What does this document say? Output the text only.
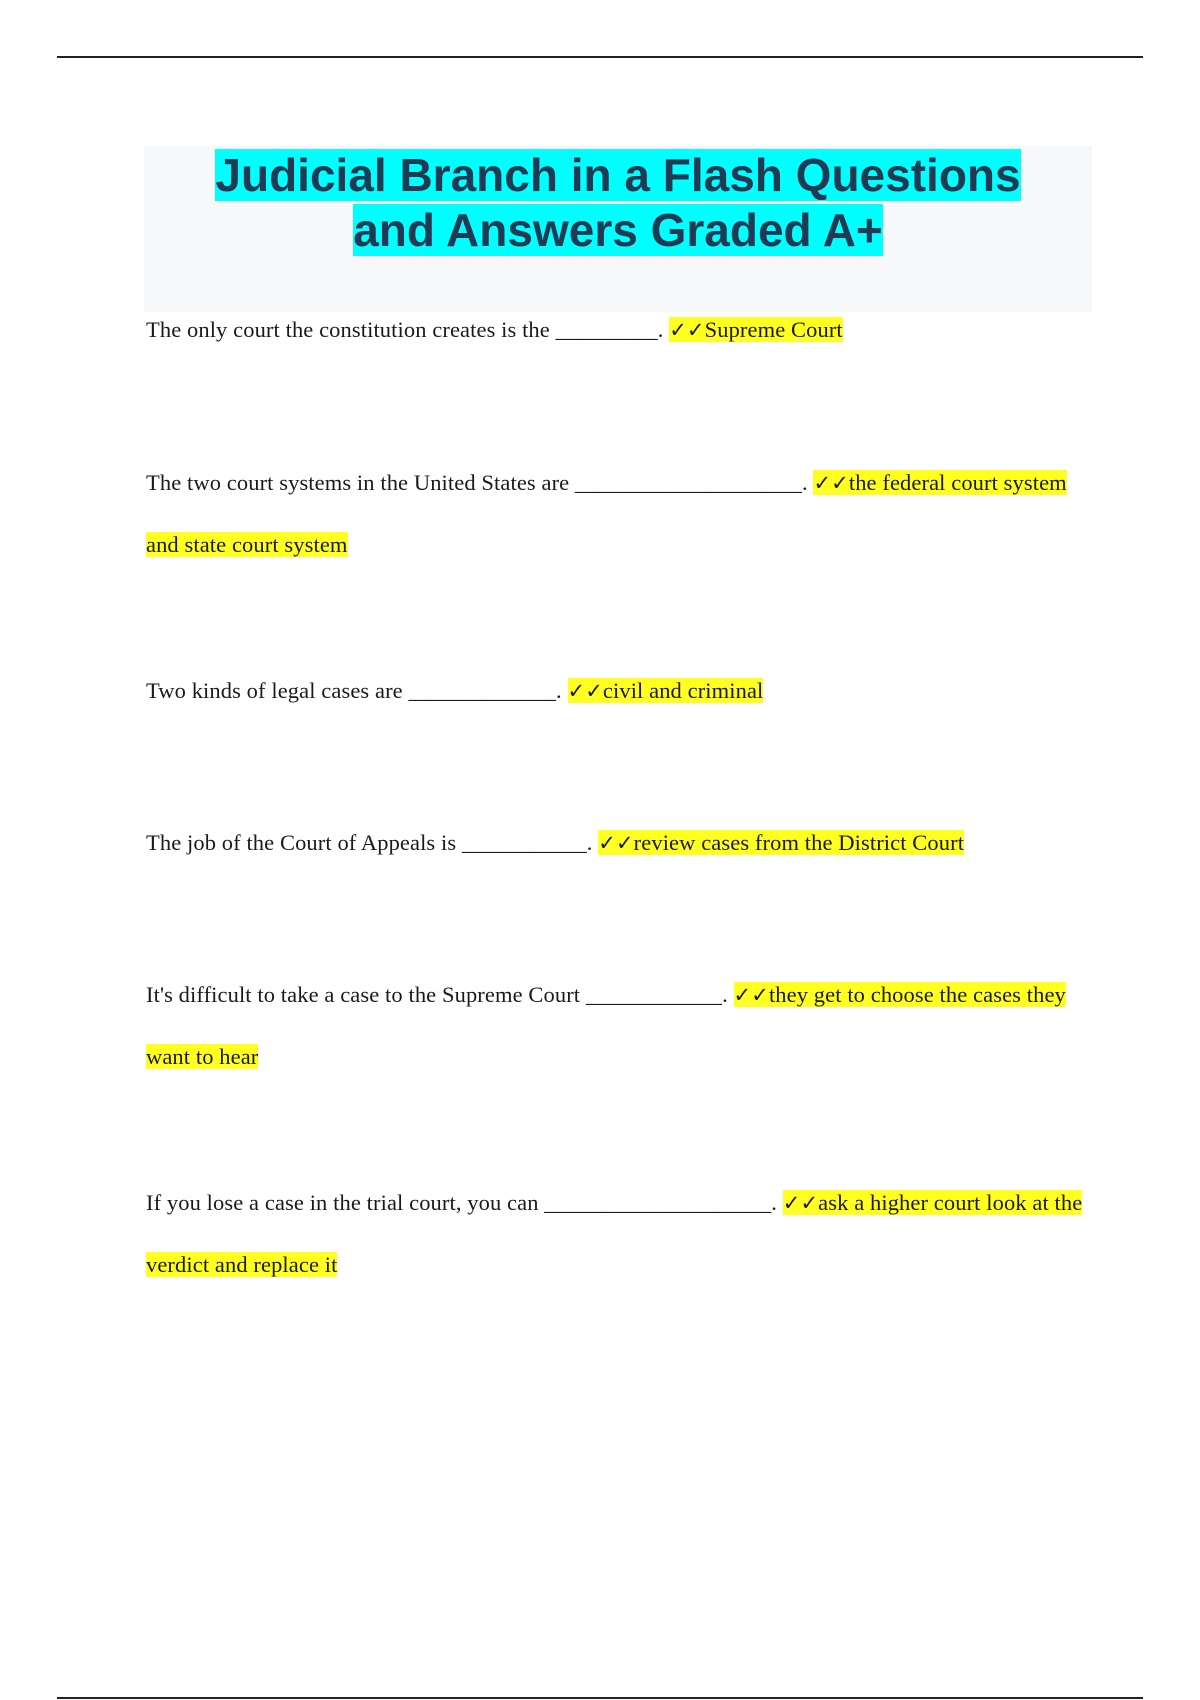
Judicial Branch in a Flash Questions
and Answers Graded A+

The only court the constitution creates is the _________. ✓✓Supreme Court

The two court systems in the United States are ____________________. ✓✓the federal court system and state court system

Two kinds of legal cases are _____________. ✓✓civil and criminal

The job of the Court of Appeals is ___________. ✓✓review cases from the District Court

It's difficult to take a case to the Supreme Court ____________. ✓✓they get to choose the cases they want to hear

If you lose a case in the trial court, you can ____________________. ✓✓ask a higher court look at the verdict and replace it
